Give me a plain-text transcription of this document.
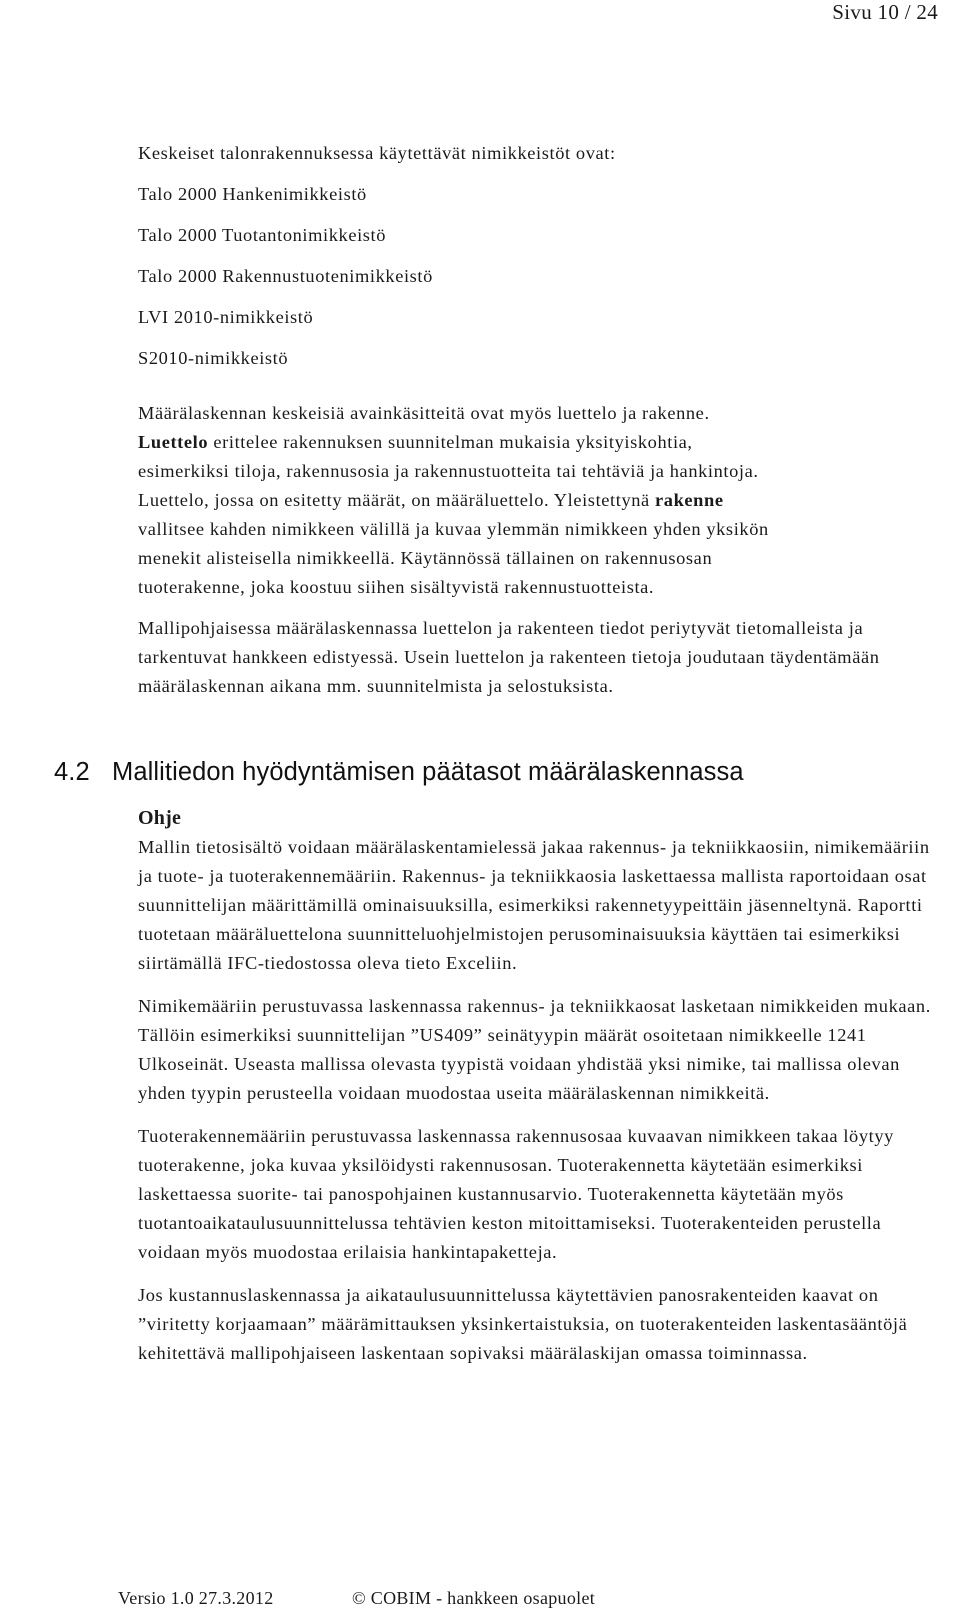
Sivu 10 / 24

Keskeiset talonrakennuksessa käytettävät nimikkeistöt ovat:

Talo 2000 Hankenimikkeistö

Talo 2000 Tuotantonimikkeistö

Talo 2000 Rakennustuotenimikkeistö

LVI 2010-nimikkeistö

S2010-nimikkeistö

Määrälaskennan keskeisiä avainkäsitteitä ovat myös luettelo ja rakenne.

Luettelo erittelee rakennuksen suunnitelman mukaisia yksityiskohtia,

esimerkiksi tiloja, rakennusosia ja rakennustuotteita tai tehtäviä ja hankintoja.

Luettelo, jossa on esitetty määrät, on määräluettelo. Yleistettynä rakenne

vallitsee kahden nimikkeen välillä ja kuvaa ylemmän nimikkeen yhden yksikön

menekit alisteisella nimikkeellä. Käytännössä tällainen on rakennusosan

tuoterakenne, joka koostuu siihen sisältyvistä rakennustuotteista.

Mallipohjaisessa määrälaskennassa luettelon ja rakenteen tiedot periytyvät tietomalleista ja tarkentuvat hankkeen edistyessä. Usein luettelon ja rakenteen tietoja joudutaan täydentämään määrälaskennan aikana mm. suunnitelmista ja selostuksista.

4.2 Mallitiedon hyödyntämisen päätasot määrälaskennassa

Ohje

Mallin tietosisältö voidaan määrälaskentamielessä jakaa rakennus- ja tekniikkaosiin, nimikemääriin ja tuote- ja tuoterakennemääriin. Rakennus- ja tekniikkaosia laskettaessa mallista raportoidaan osat suunnittelijan määrittämillä ominaisuuksilla, esimerkiksi rakennetyypeittäin jäsenneltynä. Raportti tuotetaan määräluettelona suunnitteluohjelmistojen perusominaisuuksia käyttäen tai esimerkiksi siirtämällä IFC-tiedostossa oleva tieto Exceliin.

Nimikemääriin perustuvassa laskennassa rakennus- ja tekniikkaosat lasketaan nimikkeiden mukaan. Tällöin esimerkiksi suunnittelijan ”US409” seinätyypin määrät osoitetaan nimikkeelle 1241 Ulkoseinät. Useasta mallissa olevasta tyypistä voidaan yhdistää yksi nimike, tai mallissa olevan yhden tyypin perusteella voidaan muodostaa useita määrälaskennan nimikkeitä.

Tuoterakennemääriin perustuvassa laskennassa rakennusosaa kuvaavan nimikkeen takaa löytyy tuoterakenne, joka kuvaa yksilöidysti rakennusosan. Tuoterakennetta käytetään esimerkiksi laskettaessa suorite- tai panospohjainen kustannusarvio. Tuoterakennetta käytetään myös tuotantoaikataulusuunnittelussa tehtävien keston mitoittamiseksi. Tuoterakenteiden perustella voidaan myös muodostaa erilaisia hankintapaketteja.

Jos kustannuslaskennassa ja aikataulusuunnittelussa käytettävien panosrakenteiden kaavat on ”viritetty korjaamaan” määrämittauksen yksinkertaistuksia, on tuoterakenteiden laskentasääntöjä kehitettävä mallipohjaiseen laskentaan sopivaksi määrälaskijan omassa toiminnassa.

Versio 1.0 27.3.2012	© COBIM - hankkeen osapuolet
